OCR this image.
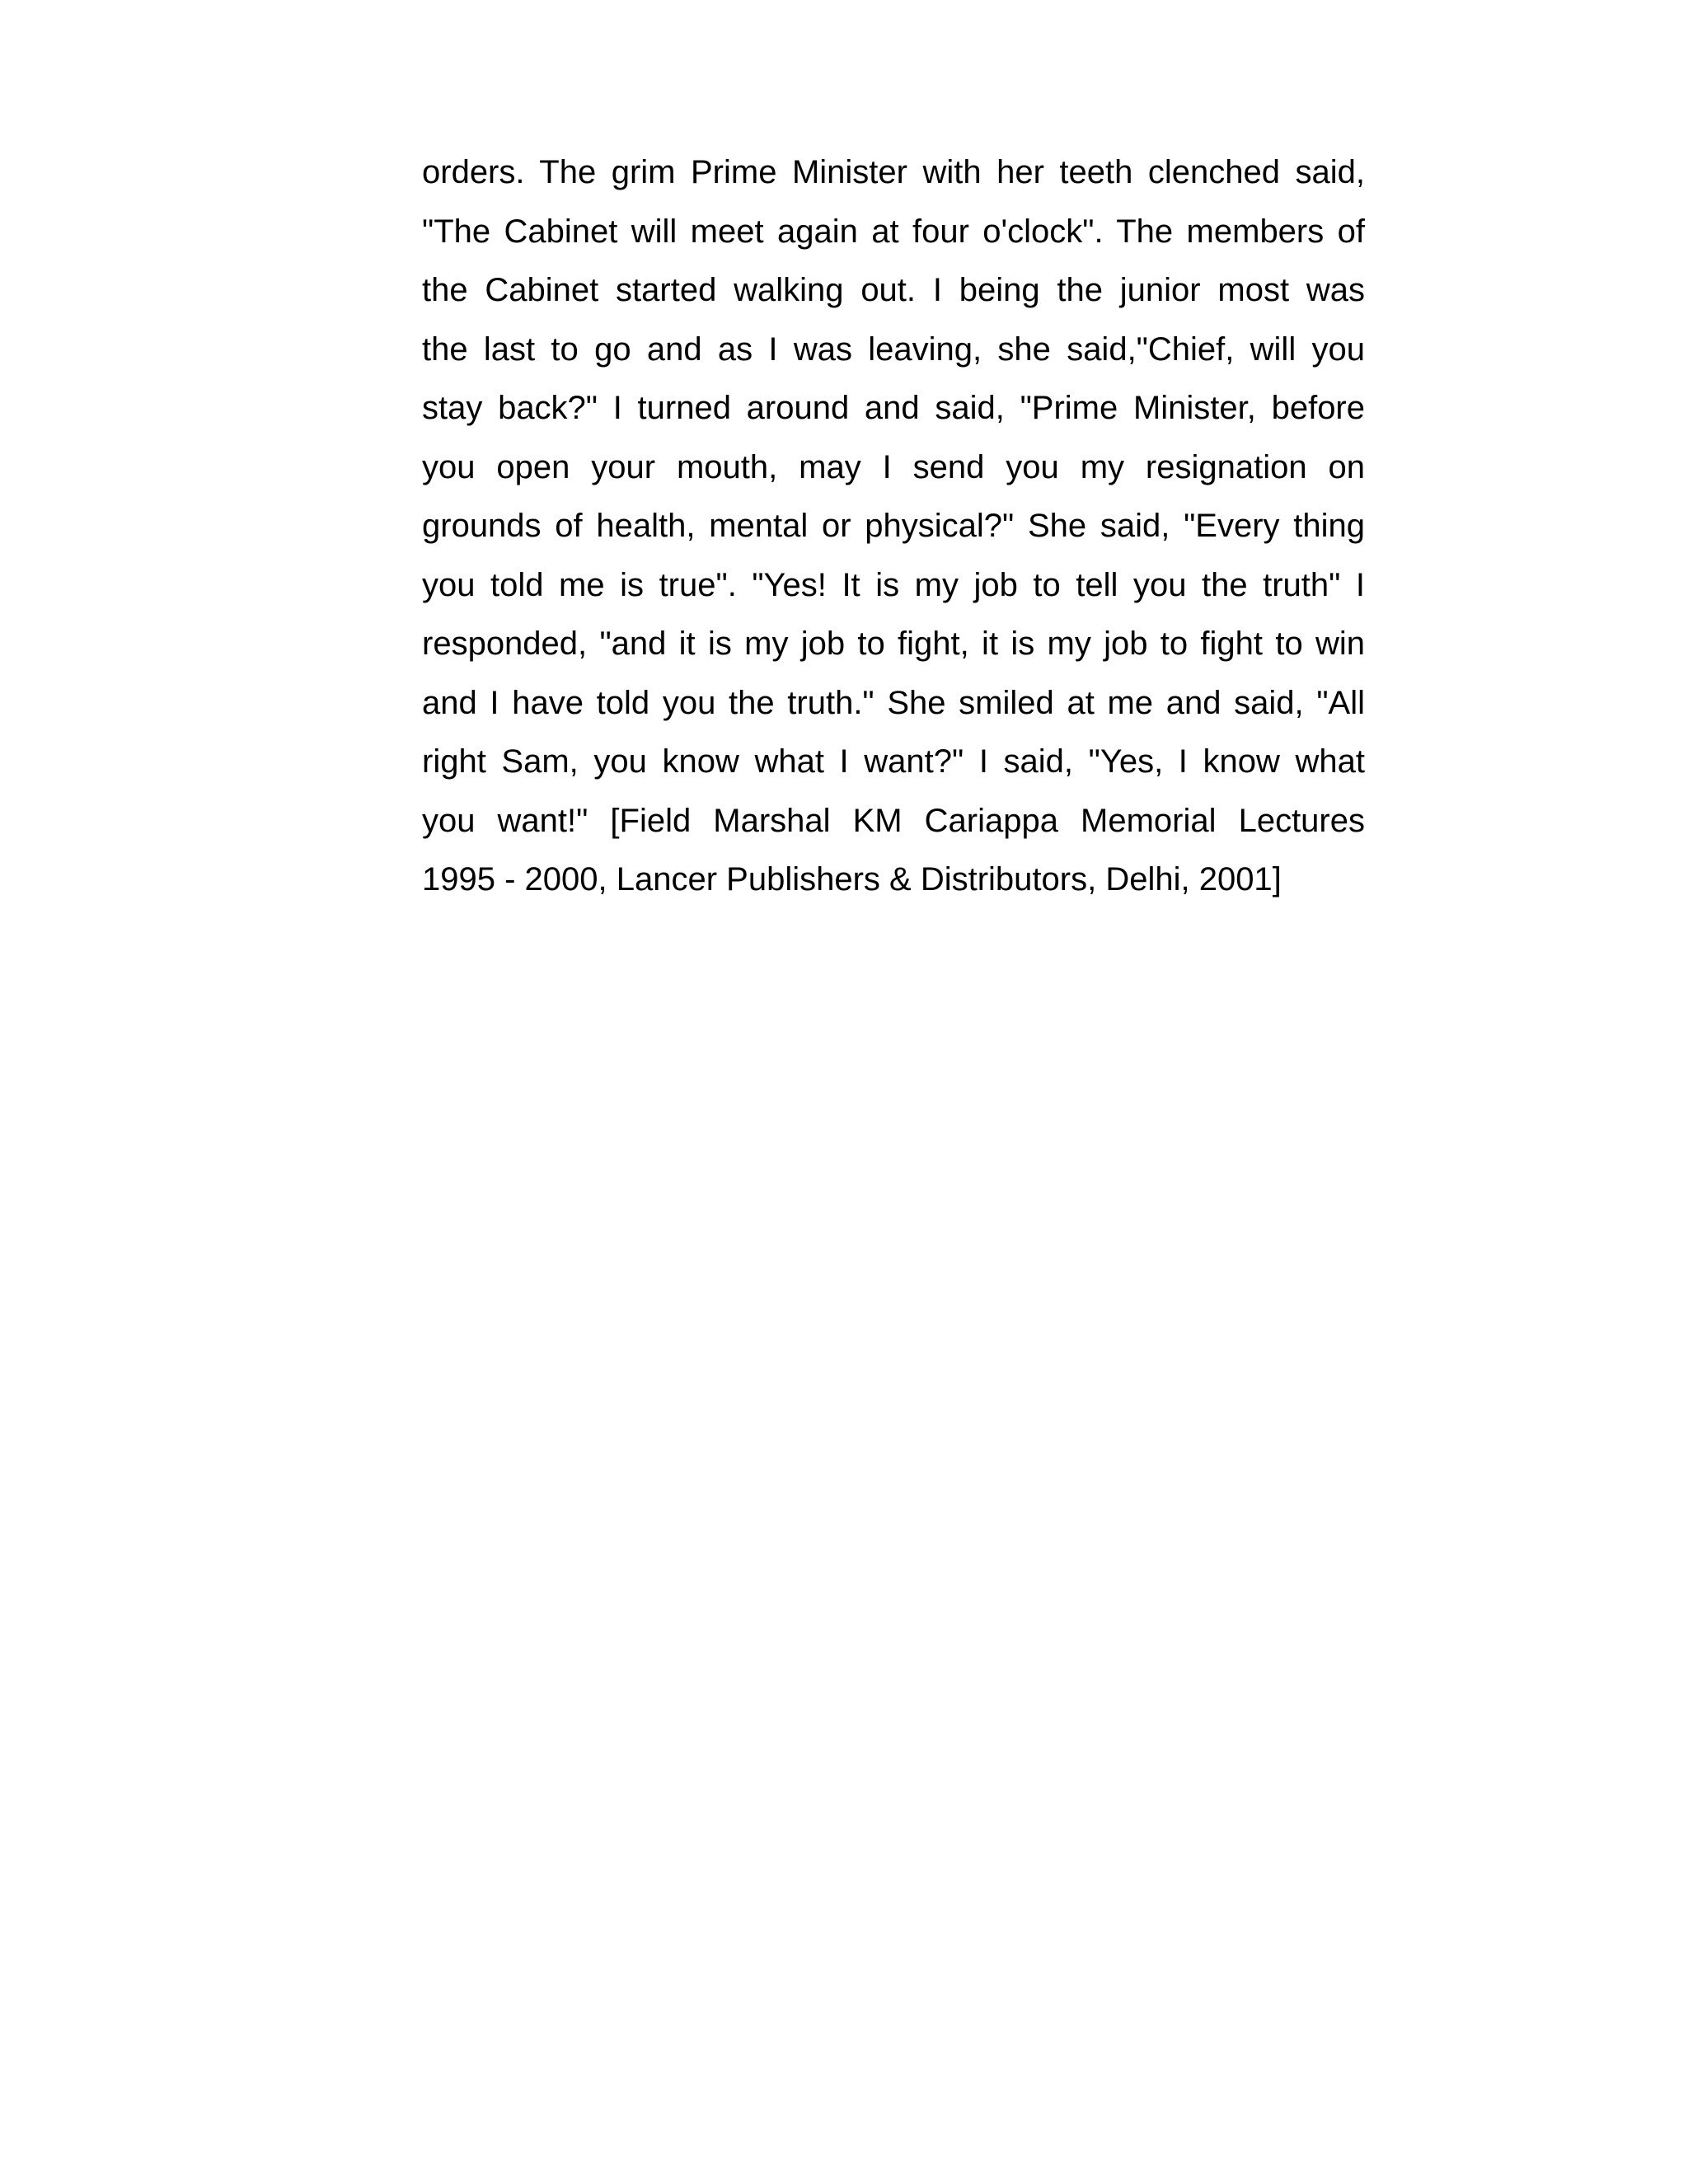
orders. The grim Prime Minister with her teeth clenched said,
"The Cabinet will meet again at four o'clock". The members of
the Cabinet started walking out. I being the junior most was
the last to go and as I was leaving, she said,"Chief, will you
stay back?" I turned around and said, "Prime Minister, before
you open your mouth, may I send you my resignation on
grounds of health, mental or physical?" She said, "Every thing
you told me is true". "Yes! It is my job to tell you the truth" I
responded, "and it is my job to fight, it is my job to fight to win
and I have told you the truth." She smiled at me and said, "All
right Sam, you know what I want?" I said, "Yes, I know what
you want!" [Field Marshal KM Cariappa Memorial Lectures
1995 - 2000, Lancer Publishers & Distributors, Delhi, 2001]
